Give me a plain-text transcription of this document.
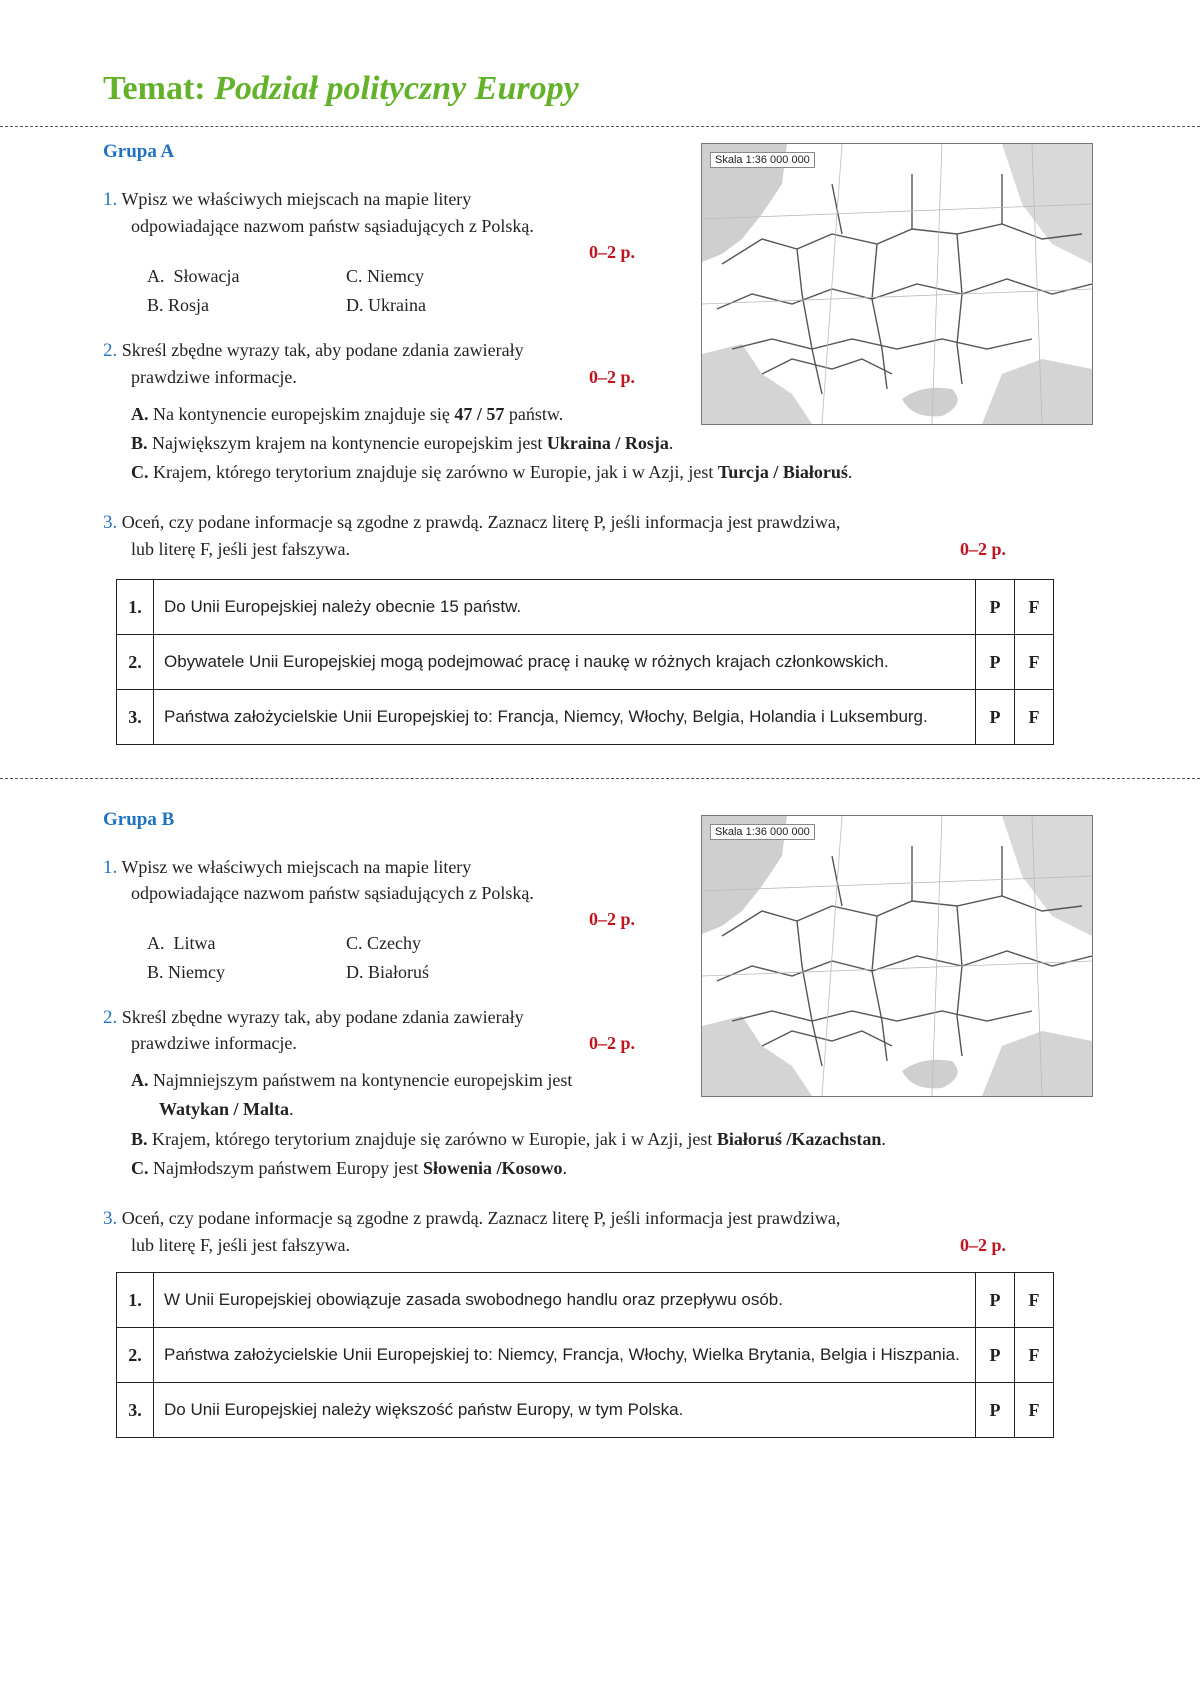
Temat: Podział polityczny Europy
Grupa A	Skala 1:36 000 000
1. Wpisz we właściwych miejscach na mapie litery
odpowiadające nazwom państw sąsiadujących z Polską.
0–2 p.
A. Słowacja	C. Niemcy
B. Rosja	D. Ukraina
2. Skreśl zbędne wyrazy tak, aby podane zdania zawierały
prawdziwe informacje.	0–2 p.
A. Na kontynencie europejskim znajduje się 47 / 57 państw.
B. Największym krajem na kontynencie europejskim jest Ukraina / Rosja.
C. Krajem, którego terytorium znajduje się zarówno w Europie, jak i w Azji, jest Turcja / Białoruś.
3. Oceń, czy podane informacje są zgodne z prawdą. Zaznacz literę P, jeśli informacja jest prawdziwa,
lub literę F, jeśli jest fałszywa.	0–2 p.
1.	Do Unii Europejskiej należy obecnie 15 państw.	P	F
2.	Obywatele Unii Europejskiej mogą podejmować pracę i naukę w różnych krajach członkowskich.	P	F
3.	Państwa założycielskie Unii Europejskiej to: Francja, Niemcy, Włochy, Belgia, Holandia i Luksemburg.	P	F
Grupa B
Skala 1:36 000 000
1. Wpisz we właściwych miejscach na mapie litery
odpowiadające nazwom państw sąsiadujących z Polską.
0–2 p.
A. Litwa	C. Czechy
B. Niemcy	D. Białoruś
2. Skreśl zbędne wyrazy tak, aby podane zdania zawierały
prawdziwe informacje.	0–2 p.
A. Najmniejszym państwem na kontynencie europejskim jest
Watykan / Malta.
B. Krajem, którego terytorium znajduje się zarówno w Europie, jak i w Azji, jest Białoruś /Kazachstan.
C. Najmłodszym państwem Europy jest Słowenia /Kosowo.
3. Oceń, czy podane informacje są zgodne z prawdą. Zaznacz literę P, jeśli informacja jest prawdziwa,
lub literę F, jeśli jest fałszywa.	0–2 p.
1.	W Unii Europejskiej obowiązuje zasada swobodnego handlu oraz przepływu osób.	P	F
2.	Państwa założycielskie Unii Europejskiej to: Niemcy, Francja, Włochy, Wielka Brytania, Belgia i Hiszpania.	P	F
3.	Do Unii Europejskiej należy większość państw Europy, w tym Polska.	P	F
